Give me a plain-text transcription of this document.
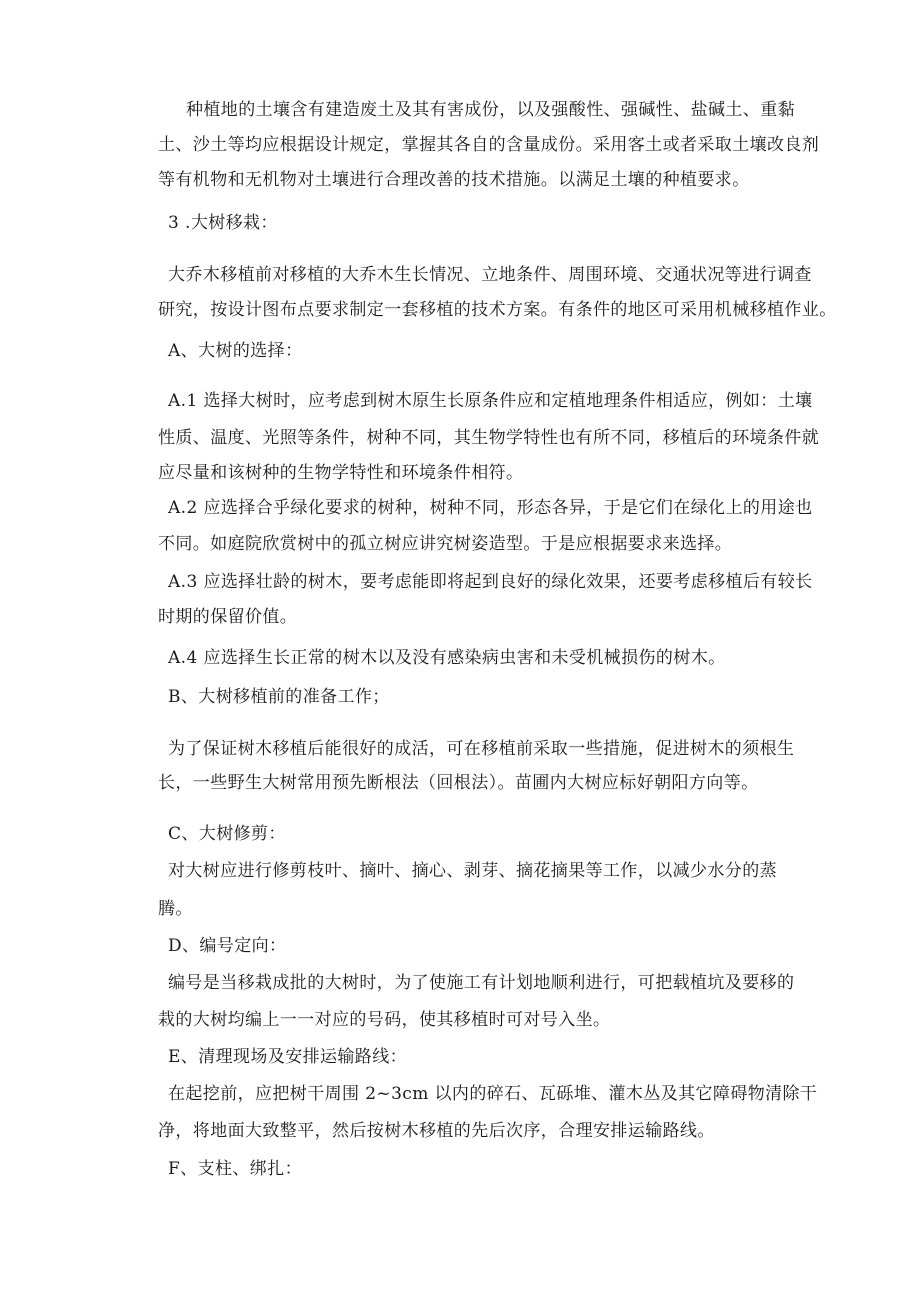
种植地的土壤含有建造废土及其有害成份，以及强酸性、强碱性、盐碱土、重黏
土、沙土等均应根据设计规定，掌握其各自的含量成份。采用客土或者采取土壤改良剂
等有机物和无机物对土壤进行合理改善的技术措施。以满足土壤的种植要求。
3 .大树移栽：
大乔木移植前对移植的大乔木生长情况、立地条件、周围环境、交通状况等进行调查
研究，按设计图布点要求制定一套移植的技术方案。有条件的地区可采用机械移植作业。
A、大树的选择：
A.1 选择大树时，应考虑到树木原生长原条件应和定植地理条件相适应，例如：土壤
性质、温度、光照等条件，树种不同，其生物学特性也有所不同，移植后的环境条件就
应尽量和该树种的生物学特性和环境条件相符。
A.2 应选择合乎绿化要求的树种，树种不同，形态各异，于是它们在绿化上的用途也
不同。如庭院欣赏树中的孤立树应讲究树姿造型。于是应根据要求来选择。
A.3 应选择壮龄的树木，要考虑能即将起到良好的绿化效果，还要考虑移植后有较长
时期的保留价值。
A.4 应选择生长正常的树木以及没有感染病虫害和未受机械损伤的树木。
B、大树移植前的准备工作；
为了保证树木移植后能很好的成活，可在移植前采取一些措施，促进树木的须根生
长，一些野生大树常用预先断根法（回根法）。苗圃内大树应标好朝阳方向等。
C、大树修剪：
对大树应进行修剪枝叶、摘叶、摘心、剥芽、摘花摘果等工作，以减少水分的蒸
腾。
D、编号定向：
编号是当移栽成批的大树时，为了使施工有计划地顺利进行，可把载植坑及要移的
栽的大树均编上一一对应的号码，使其移植时可对号入坐。
E、清理现场及安排运输路线：
在起挖前，应把树干周围 2~3cm 以内的碎石、瓦砾堆、灌木丛及其它障碍物清除干
净，将地面大致整平，然后按树木移植的先后次序，合理安排运输路线。
F、支柱、绑扎：
